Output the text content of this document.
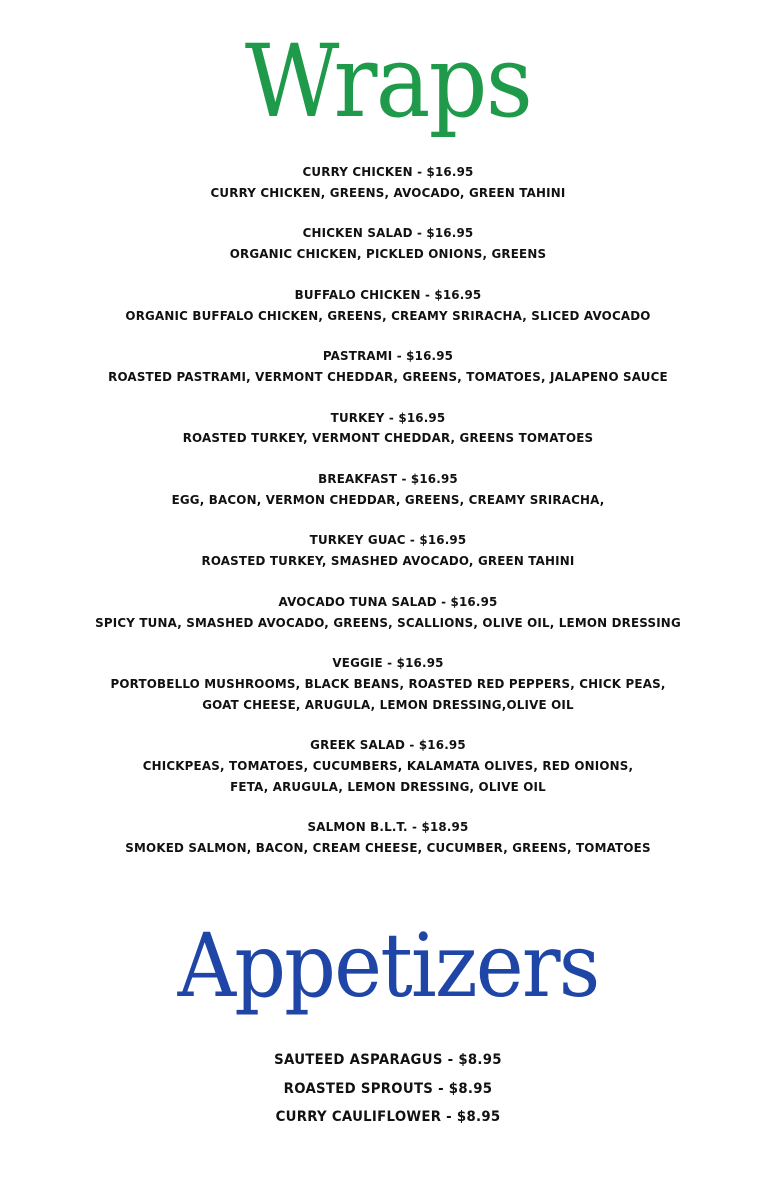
Wraps
CURRY CHICKEN - $16.95
CURRY CHICKEN, GREENS, AVOCADO, GREEN TAHINI
CHICKEN SALAD - $16.95
ORGANIC CHICKEN, PICKLED ONIONS, GREENS
BUFFALO CHICKEN - $16.95
ORGANIC BUFFALO CHICKEN, GREENS, CREAMY SRIRACHA, SLICED AVOCADO
PASTRAMI - $16.95
ROASTED PASTRAMI, VERMONT CHEDDAR, GREENS, TOMATOES, JALAPENO SAUCE
TURKEY - $16.95
ROASTED TURKEY, VERMONT CHEDDAR, GREENS TOMATOES
BREAKFAST - $16.95
EGG, BACON, VERMON CHEDDAR, GREENS, CREAMY SRIRACHA,
TURKEY GUAC - $16.95
ROASTED TURKEY, SMASHED AVOCADO, GREEN TAHINI
AVOCADO TUNA SALAD - $16.95
SPICY TUNA, SMASHED AVOCADO, GREENS, SCALLIONS, OLIVE OIL, LEMON DRESSING
VEGGIE - $16.95
PORTOBELLO MUSHROOMS, BLACK BEANS, ROASTED RED PEPPERS, CHICK PEAS, GOAT CHEESE, ARUGULA, LEMON DRESSING,OLIVE OIL
GREEK SALAD - $16.95
CHICKPEAS, TOMATOES, CUCUMBERS, KALAMATA OLIVES, RED ONIONS, FETA, ARUGULA, LEMON DRESSING, OLIVE OIL
SALMON B.L.T. - $18.95
SMOKED SALMON, BACON, CREAM CHEESE, CUCUMBER, GREENS, TOMATOES
Appetizers
SAUTEED ASPARAGUS - $8.95
ROASTED SPROUTS - $8.95
CURRY CAULIFLOWER - $8.95
